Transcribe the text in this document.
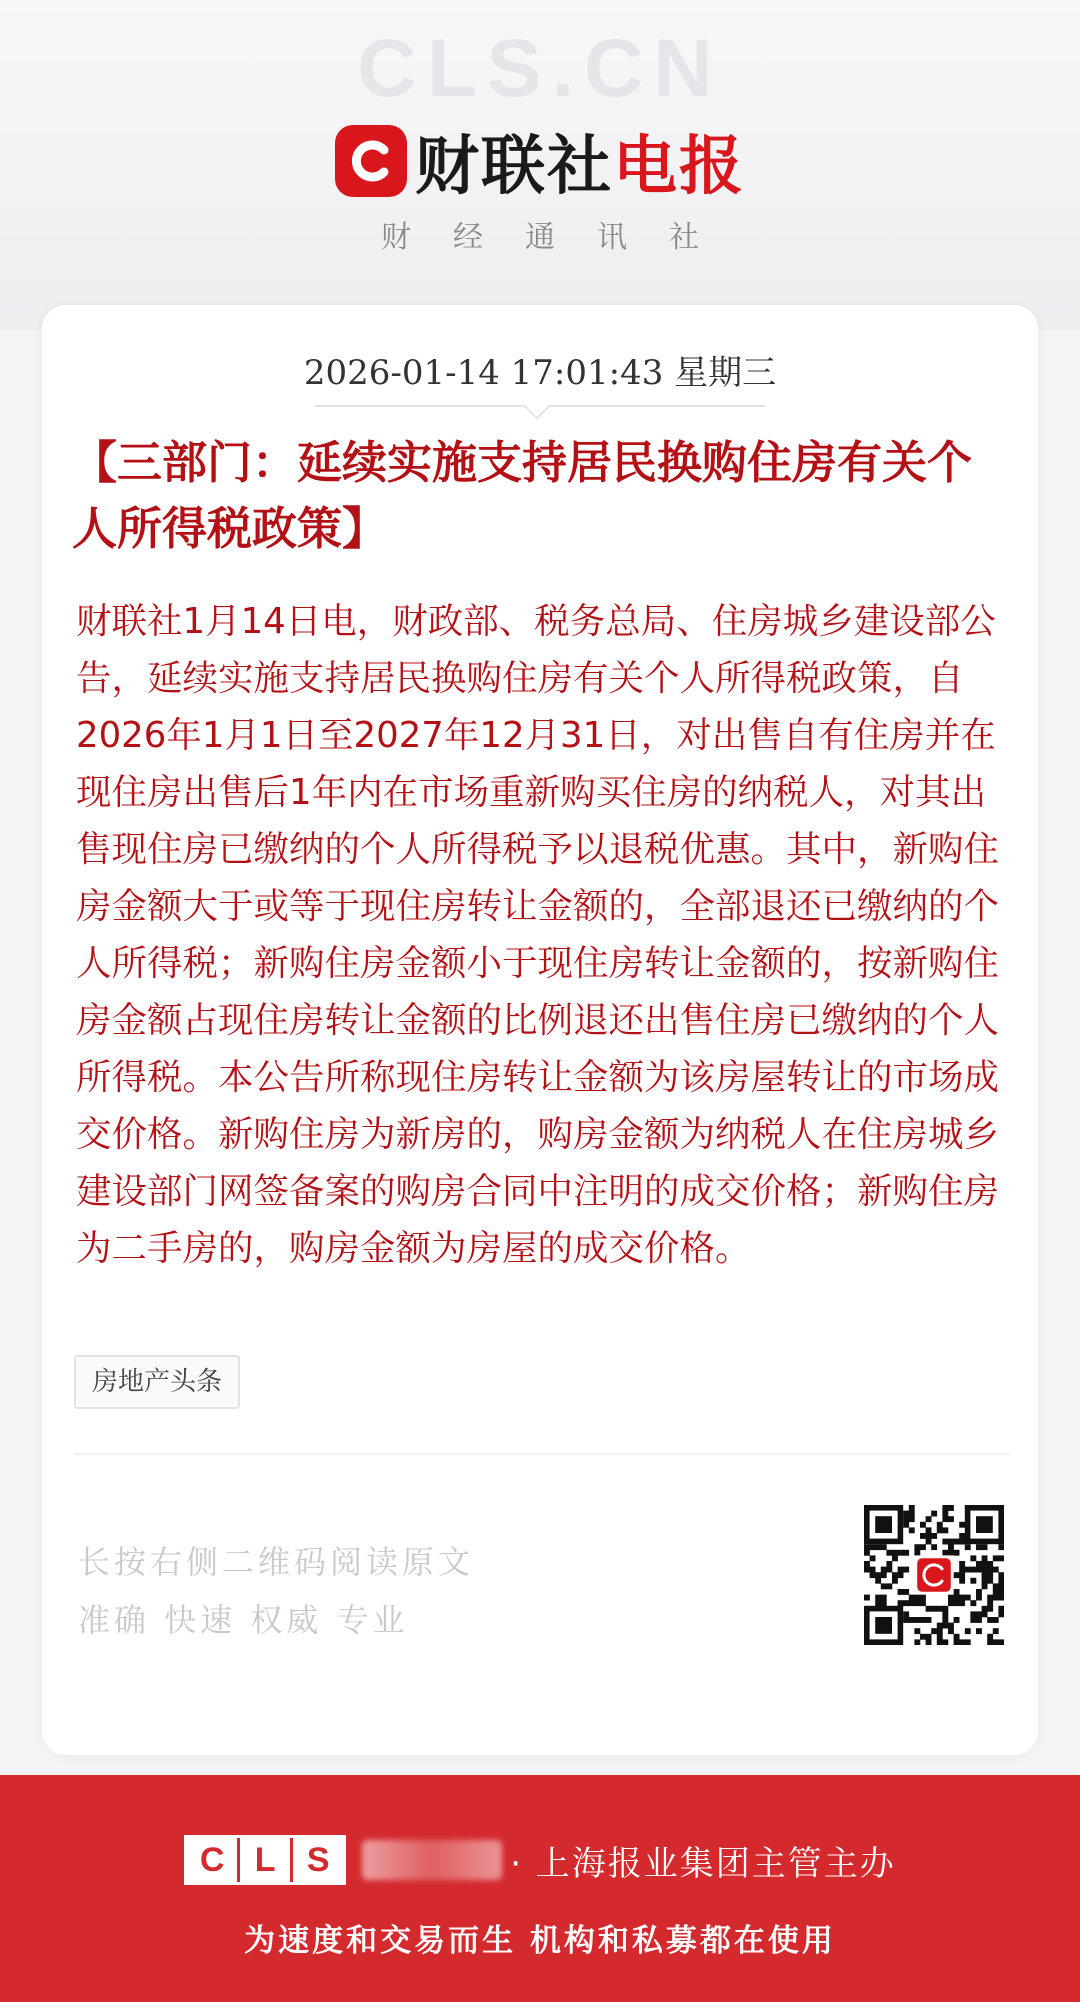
CLS.CN
财联社 电报
财经通讯社
2026-01-14 17:01:43 星期三
【三部门：延续实施支持居民换购住房有关个人所得税政策】

财联社1月14日电，财政部、税务总局、住房城乡建设部公告，延续实施支持居民换购住房有关个人所得税政策，自2026年1月1日至2027年12月31日，对出售自有住房并在现住房出售后1年内在市场重新购买住房的纳税人，对其出售现住房已缴纳的个人所得税予以退税优惠。其中，新购住房金额大于或等于现住房转让金额的，全部退还已缴纳的个人所得税；新购住房金额小于现住房转让金额的，按新购住房金额占现住房转让金额的比例退还出售住房已缴纳的个人所得税。本公告所称现住房转让金额为该房屋转让的市场成交价格。新购住房为新房的，购房金额为纳税人在住房城乡建设部门网签备案的购房合同中注明的成交价格；新购住房为二手房的，购房金额为房屋的成交价格。

房地产头条
长按右侧二维码阅读原文
准确 快速 权威 专业
C L S	· 上海报业集团主管主办
为速度和交易而生 机构和私募都在使用
